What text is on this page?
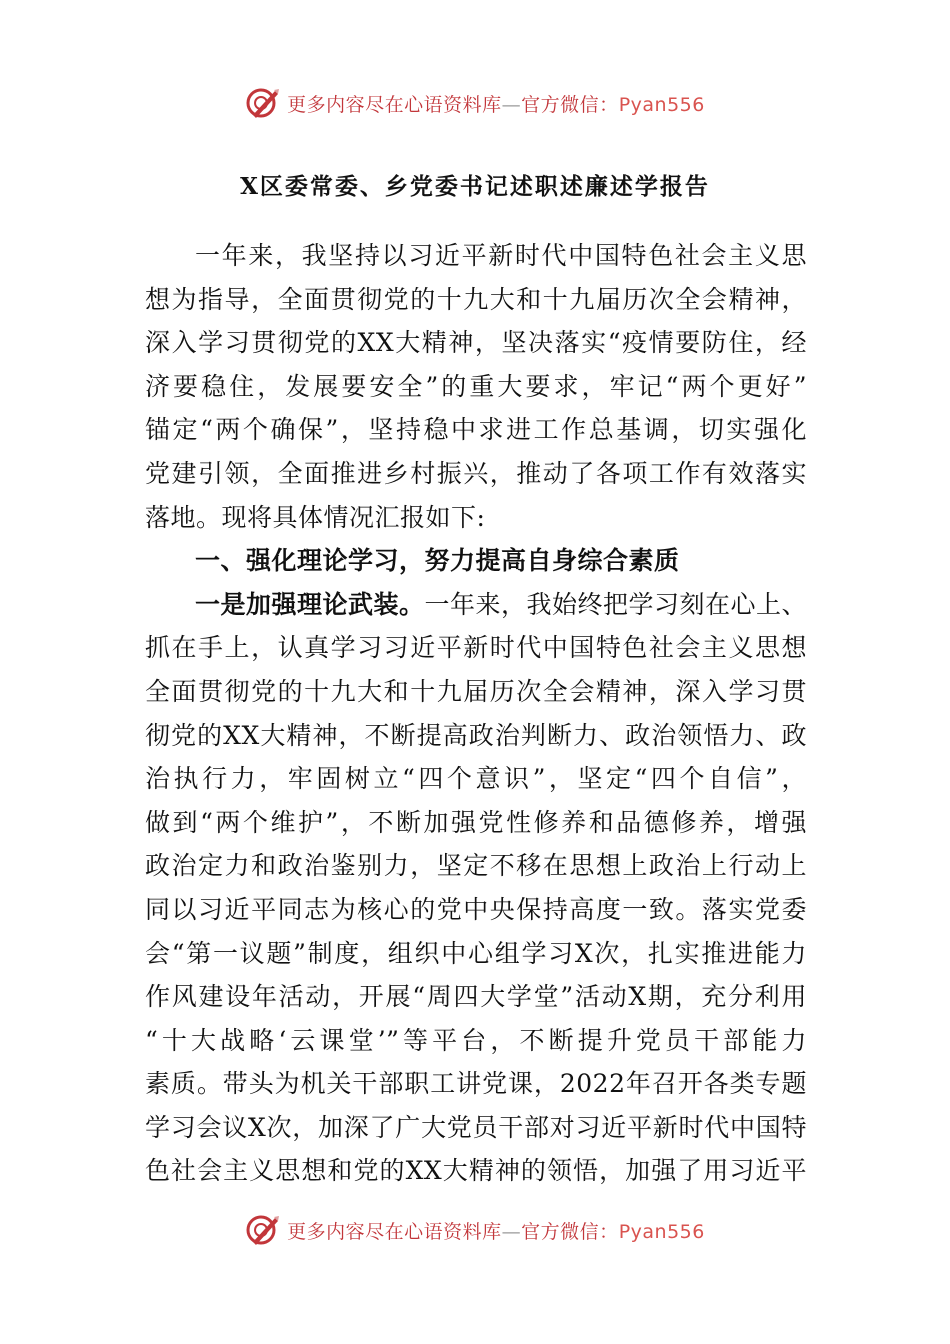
更多内容尽在心语资料库—官方微信：Pyan556
X区委常委、乡党委书记述职述廉述学报告
一年来，我坚持以习近平新时代中国特色社会主义思
想为指导，全面贯彻党的十九大和十九届历次全会精神，
深入学习贯彻党的XX大精神，坚决落实“疫情要防住，经
济要稳住，发展要安全”的重大要求，牢记“两个更好”
锚定“两个确保”，坚持稳中求进工作总基调，切实强化
党建引领，全面推进乡村振兴，推动了各项工作有效落实
落地。现将具体情况汇报如下:
一、强化理论学习，努力提高自身综合素质
一是加强理论武装。一年来，我始终把学习刻在心上、
抓在手上，认真学习习近平新时代中国特色社会主义思想
全面贯彻党的十九大和十九届历次全会精神，深入学习贯
彻党的XX大精神，不断提高政治判断力、政治领悟力、政
治执行力，牢固树立“四个意识”，坚定“四个自信”，
做到“两个维护”，不断加强党性修养和品德修养，增强
政治定力和政治鉴别力，坚定不移在思想上政治上行动上
同以习近平同志为核心的党中央保持高度一致。落实党委
会“第一议题”制度，组织中心组学习X次，扎实推进能力
作风建设年活动，开展“周四大学堂”活动X期，充分利用
“十大战略‘云课堂’”等平台，不断提升党员干部能力
素质。带头为机关干部职工讲党课，2022年召开各类专题
学习会议X次，加深了广大党员干部对习近平新时代中国特
色社会主义思想和党的XX大精神的领悟，加强了用习近平
更多内容尽在心语资料库—官方微信：Pyan556
